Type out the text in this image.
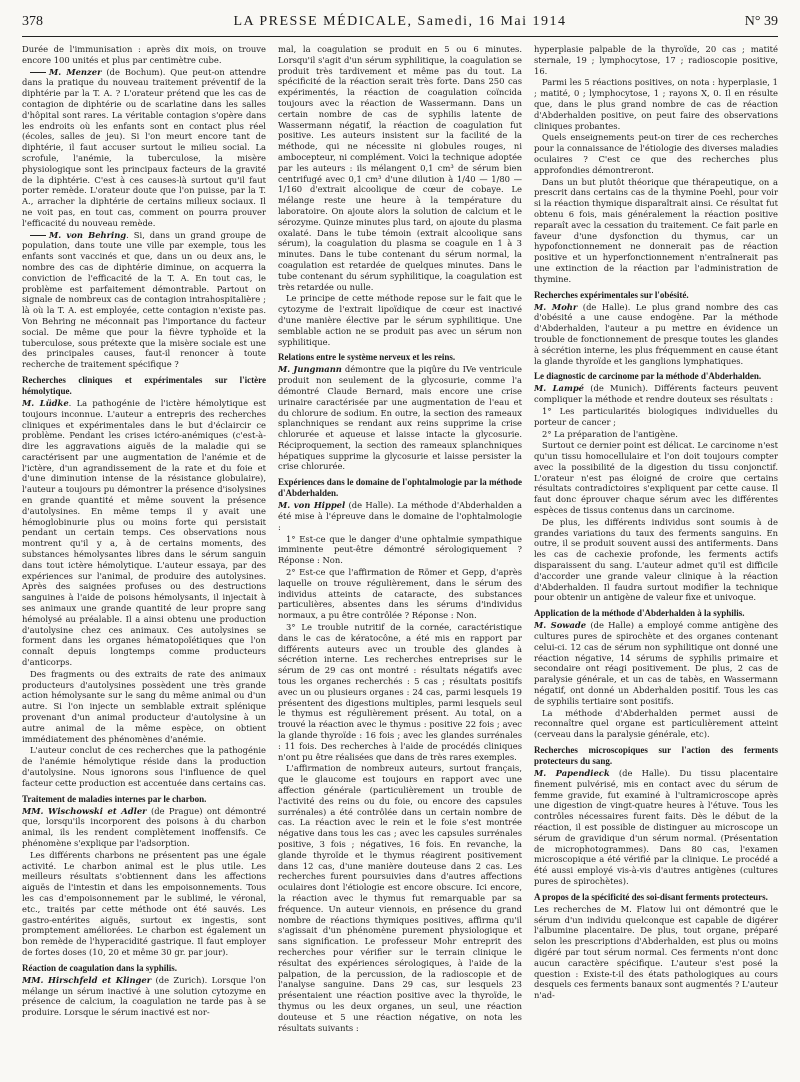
378	LA PRESSE MÉDICALE, Samedi, 16 Mai 1914	N° 39

Durée de l'immunisation : après dix mois, on trouve encore 100 unités et plus par centimètre cube.

M. Menzer (de Bochum). Que peut-on attendre dans la pratique du nouveau traitement préventif de la diphtérie par la T. A. ? L'orateur prétend que les cas de contagion de diphtérie ou de scarlatine dans les salles d'hôpital sont rares. La véritable contagion s'opère dans les endroits où les enfants sont en contact plus réel (écoles, salles de jeu). Si l'on meurt encore tant de diphtérie, il faut accuser surtout le milieu social. La scrofule, l'anémie, la tuberculose, la misère physiologique sont les principaux facteurs de la gravité de la diphtérie. C'est à ces causes-là surtout qu'il faut porter remède. L'orateur doute que l'on puisse, par la T. A., arracher la diphtérie de certains milieux sociaux. Il ne voit pas, en tout cas, comment on pourra prouver l'efficacité du nouveau remède.

M. von Behring. Si, dans un grand groupe de population, dans toute une ville par exemple, tous les enfants sont vaccinés et que, dans un ou deux ans, le nombre des cas de diphtérie diminue, on acquerra la conviction de l'efficacité de la T. A. En tout cas, le problème est parfaitement démontrable. Partout on signale de nombreux cas de contagion intrahospitalière ; là où la T. A. est employée, cette contagion n'existe pas. Von Behring ne méconnait pas l'importance du facteur social. De même que pour la fièvre typhoïde et la tuberculose, sous prétexte que la misère sociale est une des principales causes, faut-il renoncer à toute recherche de traitement spécifique ?

Recherches cliniques et expérimentales sur l'ictère hémolytique.

M. Lüdke. La pathogénie de l'ictère hémolytique est toujours inconnue. L'auteur a entrepris des recherches cliniques et expérimentales dans le but d'éclaircir ce problème. Pendant les crises ictéro-anémiques (c'est-à-dire les aggravations aiguës de la maladie qui se caractérisent par une augmentation de l'anémie et de l'ictère, d'un agrandissement de la rate et du foie et d'une diminution intense de la résistance globulaire), l'auteur a toujours pu démontrer la présence d'isolysines en grande quantité et même souvent la présence d'autolysines. En même temps il y avait une hémoglobinurie plus ou moins forte qui persistait pendant un certain temps. Ces observations nous montrent qu'il y a, à de certains moments, des substances hémolysantes libres dans le sérum sanguin dans tout ictère hémolytique. L'auteur essaya, par des expériences sur l'animal, de produire des autolysines. Après des saignées profuses ou des destructions sanguines à l'aide de poisons hémolysants, il injectait à ses animaux une grande quantité de leur propre sang hémolysé au préalable. Il a ainsi obtenu une production d'autolysine chez ces animaux. Ces autolysines se forment dans les organes hématopoïétiques que l'on connaît depuis longtemps comme producteurs d'anticorps.

Des fragments ou des extraits de rate des animaux producteurs d'autolysines possèdent une très grande action hémolysante sur le sang du même animal ou d'un autre. Si l'on injecte un semblable extrait splénique provenant d'un animal producteur d'autolysine à un autre animal de la même espèce, on obtient immédiatement des phénomènes d'anémie.

L'auteur conclut de ces recherches que la pathogénie de l'anémie hémolytique réside dans la production d'autolysine. Nous ignorons sous l'influence de quel facteur cette production est accentuée dans certains cas.

Traitement de maladies internes par le charbon.

MM. Wischowski et Adler (de Prague) ont démontré que, lorsqu'ils incorporent des poisons à du charbon animal, ils les rendent complètement inoffensifs. Ce phénomène s'explique par l'adsorption.

Les différents charbons ne présentent pas une égale activité. Le charbon animal est le plus utile. Les meilleurs résultats s'obtiennent dans les affections aiguës de l'intestin et dans les empoisonnements. Tous les cas d'empoisonnement par le sublimé, le véronal, etc., traités par cette méthode ont été sauvés. Les gastro-entérites aiguës, surtout ex ingestis, sont promptement améliorées. Le charbon est également un bon remède de l'hyperacidité gastrique. Il faut employer de fortes doses (10, 20 et même 30 gr. par jour).

Réaction de coagulation dans la syphilis.

MM. Hirschfeld et Klinger (de Zurich). Lorsque l'on mélange un sérum inactivé à une solution cytozyme en présence de calcium, la coagulation ne tarde pas à se produire. Lorsque le sérum inactivé est nor-

mal, la coagulation se produit en 5 ou 6 minutes. Lorsqu'il s'agit d'un sérum syphilitique, la coagulation se produit très tardivement et même pas du tout. La spécificité de la réaction serait très forte. Dans 250 cas expérimentés, la réaction de coagulation coïncida toujours avec la réaction de Wassermann. Dans un certain nombre de cas de syphilis latente de Wassermann négatif, la réaction de coagulation fut positive. Les auteurs insistent sur la facilité de la méthode, qui ne nécessite ni globules rouges, ni ambocepteur, ni complément. Voici la technique adoptée par les auteurs : ils mélangent 0,1 cm³ de sérum bien centrifugé avec 0,1 cm³ d'une dilution à 1/40 — 1/80 — 1/160 d'extrait alcoolique de cœur de cobaye. Le mélange reste une heure à la température du laboratoire. On ajoute alors la solution de calcium et le sérozyme. Quinze minutes plus tard, on ajoute du plasma oxalaté. Dans le tube témoin (extrait alcoolique sans sérum), la coagulation du plasma se coagule en 1 à 3 minutes. Dans le tube contenant du sérum normal, la coagulation est retardée de quelques minutes. Dans le tube contenant du sérum syphilitique, la coagulation est très retardée ou nulle.

Le principe de cette méthode repose sur le fait que le cytozyme de l'extrait lipoïdique de cœur est inactivé d'une manière élective par le sérum syphilitique. Une semblable action ne se produit pas avec un sérum non syphilitique.

Relations entre le système nerveux et les reins.

M. Jungmann démontre que la piqûre du IVe ventricule produit non seulement de la glycosurie, comme l'a démontré Claude Bernard, mais encore une crise urinaire caractérisée par une augmentation de l'eau et du chlorure de sodium. En outre, la section des rameaux splanchniques se rendant aux reins supprime la crise chlorurée et aqueuse et laisse intacte la glycosurie. Réciproquement, la section des rameaux splanchniques hépatiques supprime la glycosurie et laisse persister la crise chlorurée.

Expériences dans le domaine de l'ophtalmologie par la méthode d'Abderhalden.

M. von Hippel (de Halle). La méthode d'Abderhalden a été mise à l'épreuve dans le domaine de l'ophtalmologie :

1° Est-ce que le danger d'une ophtalmie sympathique imminente peut-être démontré sérologiquement ? Réponse : Non.

2° Est-ce que l'affirmation de Römer et Gepp, d'après laquelle on trouve régulièrement, dans le sérum des individus atteints de cataracte, des substances particulières, absentes dans les sérums d'individus normaux, a pu être contrôlée ? Réponse : Non.

3° Le trouble nutritif de la cornée, caractéristique dans le cas de kératocône, a été mis en rapport par différents auteurs avec un trouble des glandes à sécrétion interne. Les recherches entreprises sur le sérum de 29 cas ont montré : résultats négatifs avec tous les organes recherchés : 5 cas ; résultats positifs avec un ou plusieurs organes : 24 cas, parmi lesquels 19 présentent des digestions multiples, parmi lesquels seul le thymus est régulièrement présent. Au total, on a trouvé la réaction avec le thymus : positive 22 fois ; avec la glande thyroïde : 16 fois ; avec les glandes surrénales : 11 fois. Des recherches à l'aide de procédés cliniques n'ont pu être réalisées que dans de très rares exemples.

L'affirmation de nombreux auteurs, surtout français, que le glaucome est toujours en rapport avec une affection générale (particulièrement un trouble de l'activité des reins ou du foie, ou encore des capsules surrénales) a été contrôlée dans un certain nombre de cas. La réaction avec le rein et le foie s'est montrée négative dans tous les cas ; avec les capsules surrénales positive, 3 fois ; négatives, 16 fois. En revanche, la glande thyroïde et le thymus réagirent positivement dans 12 cas, d'une manière douteuse dans 2 cas. Les recherches furent poursuivies dans d'autres affections oculaires dont l'étiologie est encore obscure. Ici encore, la réaction avec le thymus fut remarquable par sa fréquence. Un auteur viennois, en présence du grand nombre de réactions thymiques positives, affirma qu'il s'agissait d'un phénomène purement physiologique et sans signification. Le professeur Mohr entreprit des recherches pour vérifier sur le terrain clinique le résultat des expériences sérologiques, à l'aide de la palpation, de la percussion, de la radioscopie et de l'analyse sanguine. Dans 29 cas, sur lesquels 23 présentaient une réaction positive avec la thyroïde, le thymus ou les deux organes, un seul, une réaction douteuse et 5 une réaction négative, on nota les résultats suivants :

hyperplasie palpable de la thyroïde, 20 cas ; matité sternale, 19 ; lymphocytose, 17 ; radioscopie positive, 16.

Parmi les 5 réactions positives, on nota : hyperplasie, 1 ; matité, 0 ; lymphocytose, 1 ; rayons X, 0. Il en résulte que, dans le plus grand nombre de cas de réaction d'Abderhalden positive, on peut faire des observations cliniques probantes.

Quels enseignements peut-on tirer de ces recherches pour la connaissance de l'étiologie des diverses maladies oculaires ? C'est ce que des recherches plus approfondies démontreront.

Dans un but plutôt théorique que thérapeutique, on a prescrit dans certains cas de la thymine Poehl, pour voir si la réaction thymique disparaîtrait ainsi. Ce résultat fut obtenu 6 fois, mais généralement la réaction positive reparaît avec la cessation du traitement. Ce fait parle en faveur d'une dysfonction du thymus, car un hypofonctionnement ne donnerait pas de réaction positive et un hyperfonctionnement n'entraînerait pas une extinction de la réaction par l'administration de thymine.

Recherches expérimentales sur l'obésité.

M. Mohr (de Halle). Le plus grand nombre des cas d'obésité a une cause endogène. Par la méthode d'Abderhalden, l'auteur a pu mettre en évidence un trouble de fonctionnement de presque toutes les glandes à sécrétion interne, les plus fréquemment en cause étant la glande thyroïde et les ganglions lymphatiques.

Le diagnostic de carcinome par la méthode d'Abderhalden.

M. Lampé (de Munich). Différents facteurs peuvent compliquer la méthode et rendre douteux ses résultats :

1° Les particularités biologiques individuelles du porteur de cancer ;

2° La préparation de l'antigène.

Surtout ce dernier point est délicat. Le carcinome n'est qu'un tissu homocellulaire et l'on doit toujours compter avec la possibilité de la digestion du tissu conjonctif. L'orateur n'est pas éloigné de croire que certains résultats contradictoires s'expliquent par cette cause. Il faut donc éprouver chaque sérum avec les différentes espèces de tissus contenus dans un carcinome.

De plus, les différents individus sont soumis à de grandes variations du taux des ferments sanguins. En outre, il se produit souvent aussi des antiferments. Dans les cas de cachexie profonde, les ferments actifs disparaissent du sang. L'auteur admet qu'il est difficile d'accorder une grande valeur clinique à la réaction d'Abderhalden. Il faudra surtout modifier la technique pour obtenir un antigène de valeur fixe et univoque.

Application de la méthode d'Abderhalden à la syphilis.

M. Sowade (de Halle) a employé comme antigène des cultures pures de spirochète et des organes contenant celui-ci. 12 cas de sérum non syphilitique ont donné une réaction négative, 14 sérums de syphilis primaire et secondaire ont réagi positivement. De plus, 2 cas de paralysie générale, et un cas de tabès, en Wassermann négatif, ont donné un Abderhalden positif. Tous les cas de syphilis tertiaire sont positifs.

La méthode d'Abderhalden permet aussi de reconnaître quel organe est particulièrement atteint (cerveau dans la paralysie générale, etc).

Recherches microscopiques sur l'action des ferments protecteurs du sang.

M. Papendieck (de Halle). Du tissu placentaire finement pulvérisé, mis en contact avec du sérum de femme gravide, fut examiné à l'ultramicroscope après une digestion de vingt-quatre heures à l'étuve. Tous les contrôles nécessaires furent faits. Dès le début de la réaction, il est possible de distinguer au microscope un sérum de gravidique d'un sérum normal. (Présentation de microphotogrammes). Dans 80 cas, l'examen microscopique a été vérifié par la clinique. Le procédé a été aussi employé vis-à-vis d'autres antigènes (cultures pures de spirochètes).

A propos de la spécificité des soi-disant ferments protecteurs.

Les recherches de M. Flatow lui ont démontré que le sérum d'un individu quelconque est capable de digérer l'albumine placentaire. De plus, tout organe, préparé selon les prescriptions d'Abderhalden, est plus ou moins digéré par tout sérum normal. Ces ferments n'ont donc aucun caractère spécifique. L'auteur s'est posé la question : Existe-t-il des états pathologiques au cours desquels ces ferments banaux sont augmentés ? L'auteur n'ad-
